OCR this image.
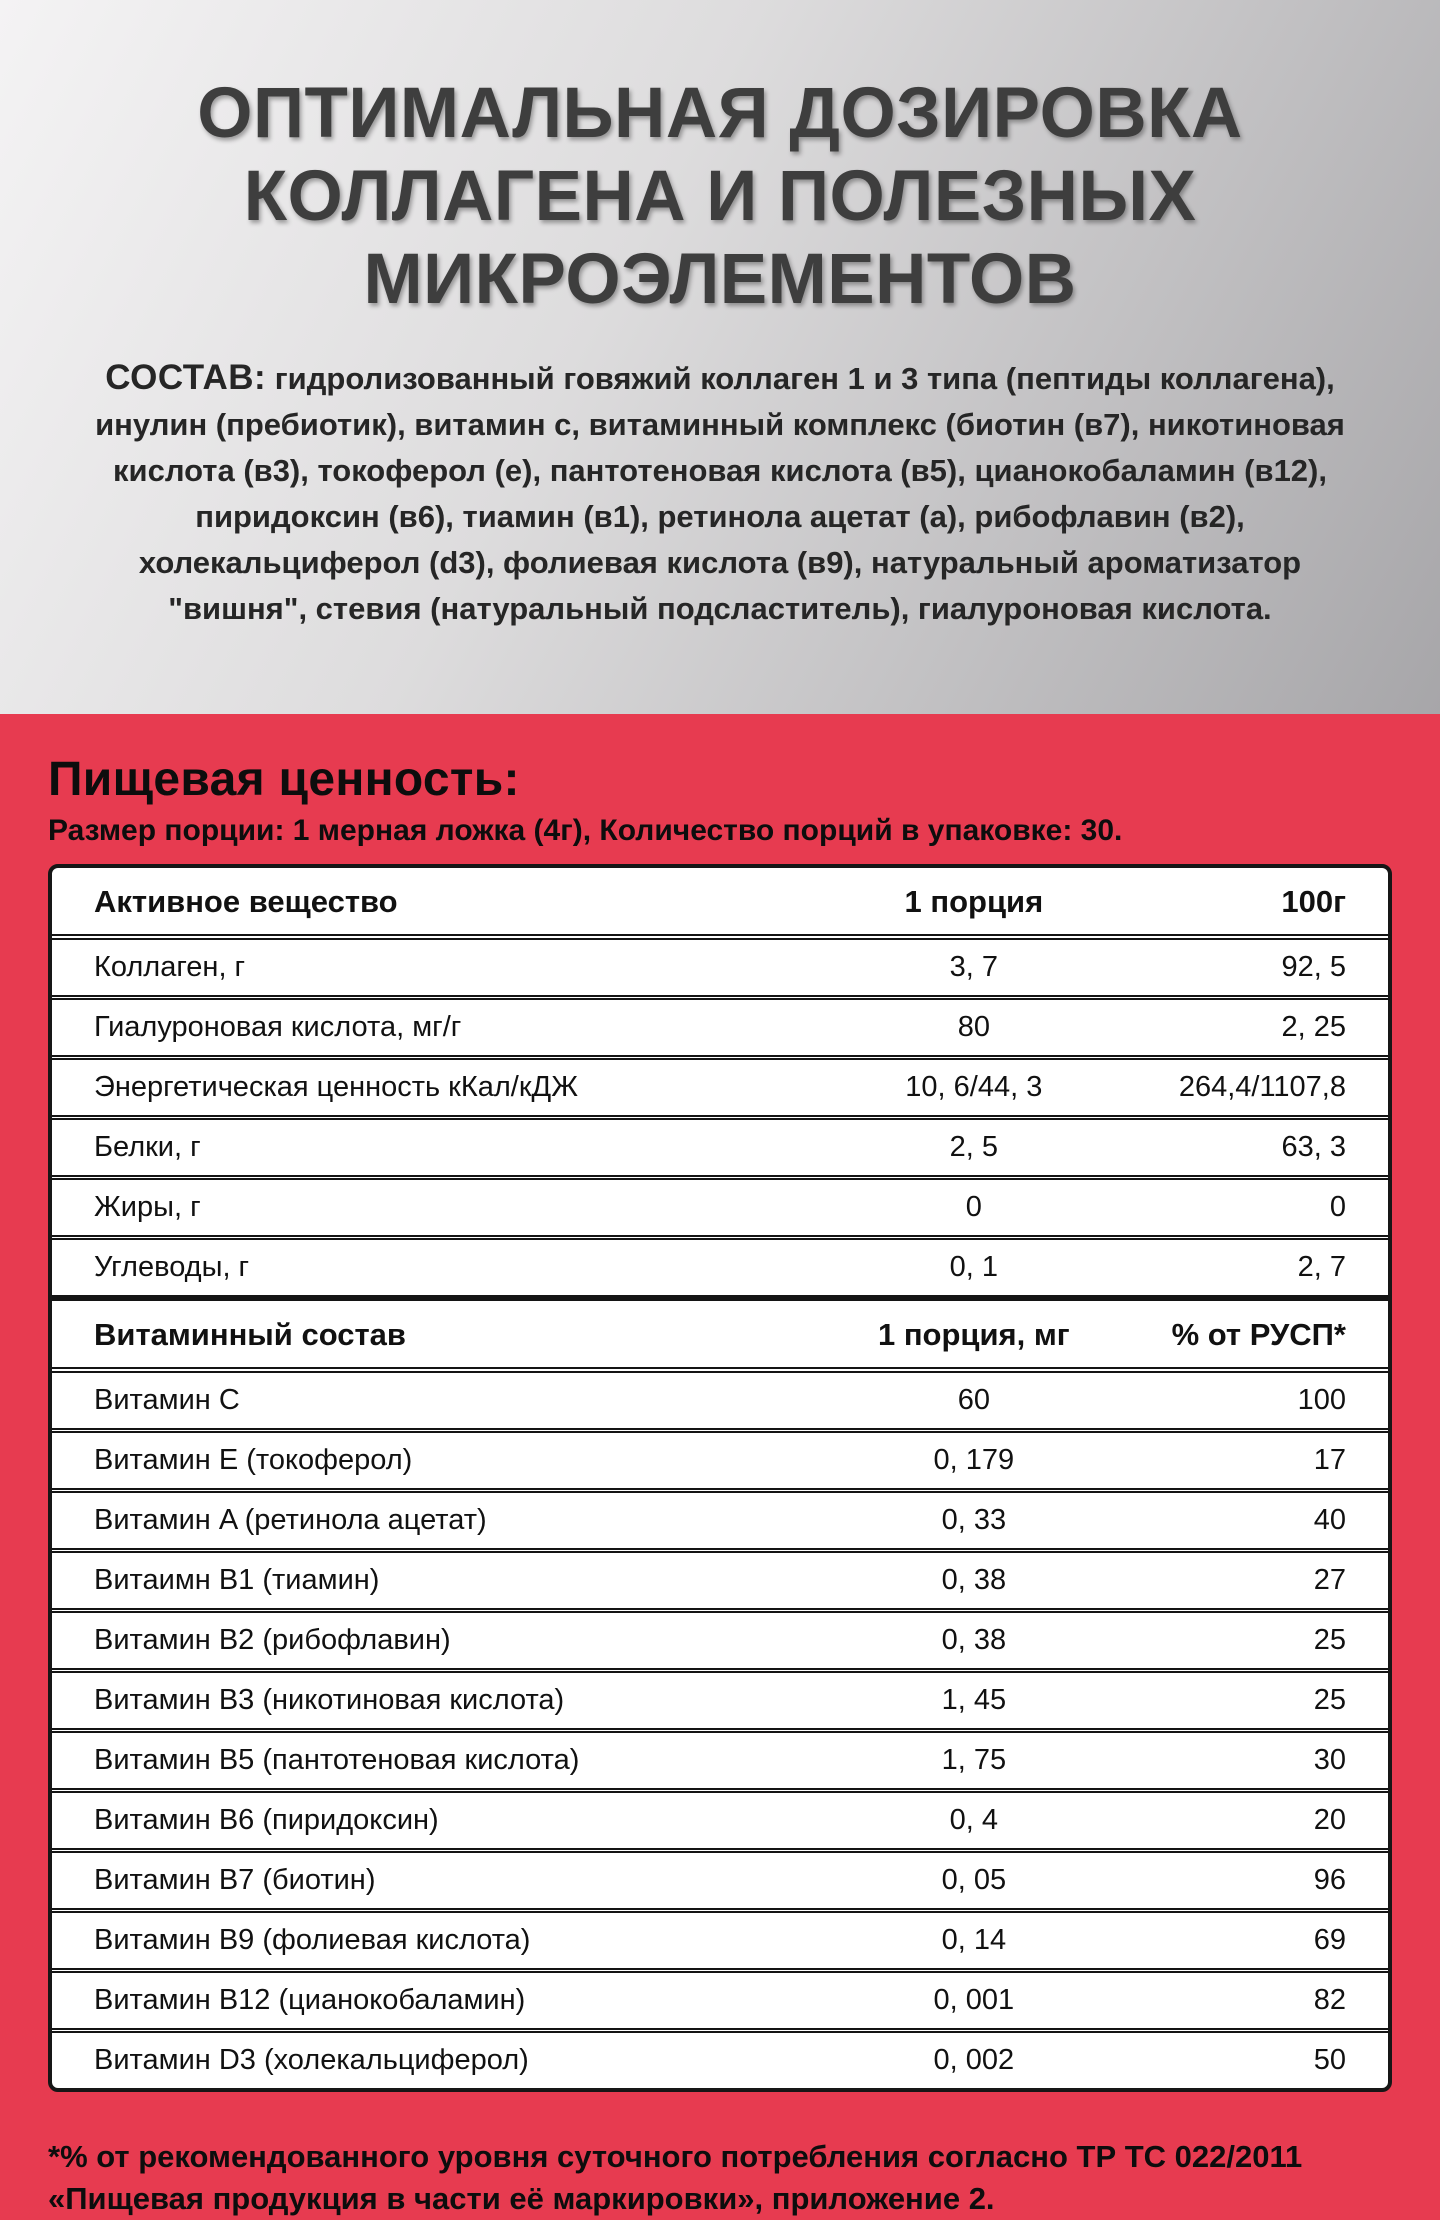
ОПТИМАЛЬНАЯ ДОЗИРОВКА
КОЛЛАГЕНА И ПОЛЕЗНЫХ
МИКРОЭЛЕМЕНТОВ

СОСТАВ: гидролизованный говяжий коллаген 1 и 3 типа (пептиды коллагена), инулин (пребиотик), витамин с, витаминный комплекс (биотин (в7), никотиновая кислота (в3), токоферол (е), пантотеновая кислота (в5), цианокобаламин (в12), пиридоксин (в6), тиамин (в1), ретинола ацетат (а), рибофлавин (в2), холекальциферол (d3), фолиевая кислота (в9), натуральный ароматизатор "вишня", стевия (натуральный подсластитель), гиалуроновая кислота.

Пищевая ценность:
Размер порции: 1 мерная ложка (4г), Количество порций в упаковке: 30.
Активное вещество	1 порция	100г
Коллаген, г	3, 7	92, 5
Гиалуроновая кислота, мг/г	80	2, 25
Энергетическая ценность кКал/кДЖ	10, 6/44, 3	264,4/1107,8
Белки, г	2, 5	63, 3
Жиры, г	0	0
Углеводы, г	0, 1	2, 7
Витаминный состав	1 порция, мг	% от РУСП*
Витамин C	60	100
Витамин E (токоферол)	0, 179	17
Витамин A (ретинола ацетат)	0, 33	40
Витаимн В1 (тиамин)	0, 38	27
Витамин В2 (рибофлавин)	0, 38	25
Витамин В3 (никотиновая кислота)	1, 45	25
Витамин В5 (пантотеновая кислота)	1, 75	30
Витамин В6 (пиридоксин)	0, 4	20
Витамин В7 (биотин)	0, 05	96
Витамин В9 (фолиевая кислота)	0, 14	69
Витамин В12 (цианокобаламин)	0, 001	82
Витамин D3 (холекальциферол)	0, 002	50
*% от рекомендованного уровня суточного потребления согласно ТР ТС 022/2011
«Пищевая продукция в части её маркировки», приложение 2.
